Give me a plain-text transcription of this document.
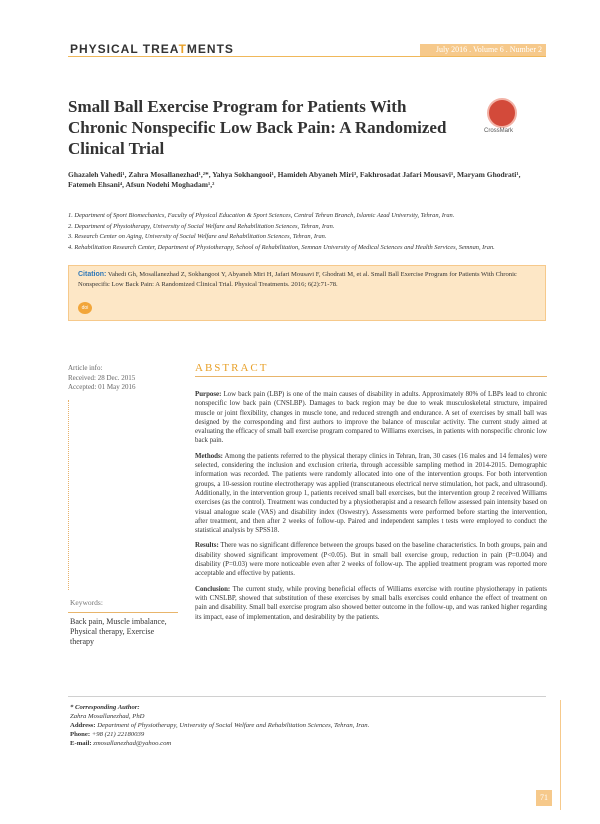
PHYSICAL TREATMENTS	July 2016 . Volume 6 . Number 2
Small Ball Exercise Program for Patients With Chronic Nonspecific Low Back Pain: A Randomized Clinical Trial
CrossMark
Ghazaleh Vahedi¹, Zahra Mosallanezhad¹,²*, Yahya Sokhangooi¹, Hamideh Abyaneh Miri³, Fakhrosadat Jafari Mousavi¹, Maryam Ghodrati¹, Fatemeh Ehsani⁴, Afsun Nodehi Moghadam¹,²
1. Department of Sport Biomechanics, Faculty of Physical Education & Sport Sciences, Central Tehran Branch, Islamic Azad University, Tehran, Iran.
2. Department of Physiotherapy, University of Social Welfare and Rehabilitation Sciences, Tehran, Iran.
3. Research Center on Aging, University of Social Welfare and Rehabilitation Sciences, Tehran, Iran.
4. Rehabilitation Research Center, Department of Physiotherapy, School of Rehabilitation, Semnan University of Medical Sciences and Health Services, Semnan, Iran.
Citation: Vahedi Gh, Mosallanezhad Z, Sokhangooi Y, Abyaneh Miri H, Jafari Mousavi F, Ghodrati M, et al. Small Ball Exercise Program for Patients With Chronic Nonspecific Low Back Pain: A Randomized Clinical Trial. Physical Treatments. 2016; 6(2):71-78.
doi
Article info:
Received: 28 Dec. 2015
Accepted: 01 May 2016
Keywords:
Back pain, Muscle imbalance, Physical therapy, Exercise therapy
ABSTRACT

Purpose: Low back pain (LBP) is one of the main causes of disability in adults. Approximately 80% of LBPs lead to chronic nonspecific low back pain (CNSLBP). Damages to back region may be due to weak musculoskeletal structure, impaired muscle or joint flexibility, changes in muscle tone, and reduced strength and endurance. A set of exercises by small ball was designed by the corresponding and first authors to improve the balance of muscular activity. The current study aimed at evaluating the efficacy of small ball exercise program compared to Williams exercises, in patients with nonspecific chronic low back pain.

Methods: Among the patients referred to the physical therapy clinics in Tehran, Iran, 30 cases (16 males and 14 females) were selected, considering the inclusion and exclusion criteria, through accessible sampling method in 2014-2015. Demographic information was recorded. The patients were randomly allocated into one of the intervention groups. For both intervention groups, a 10-session routine electrotherapy was applied (transcutaneous electrical nerve stimulation, hot pack, and ultrasound). Additionally, in the intervention group 1, patients received small ball exercises, but the intervention group 2 received Williams exercises (as the control). Treatment was conducted by a physiotherapist and a research fellow assessed pain intensity based on visual analogue scale (VAS) and disability index (Oswestry). Assessments were performed before starting the intervention, after treatment, and then after 2 weeks of follow-up. Paired and independent samples t tests were employed to conduct the statistical analysis by SPSS18.

Results: There was no significant difference between the groups based on the baseline characteristics. In both groups, pain and disability showed significant improvement (P<0.05). But in small ball exercise group, reduction in pain (P=0.004) and disability (P=0.03) were more noticeable even after 2 weeks of follow-up. The applied treatment program was reported more acceptable and effective by patients.

Conclusion: The current study, while proving beneficial effects of Williams exercise with routine physiotherapy in patients with CNSLBP, showed that substitution of these exercises by small balls exercises could enhance the effect of treatment on pain and disability. Small ball exercise program also showed better outcome in the follow-up, and was ranked higher regarding its impact, ease of implementation, and desirability by the patients.

* Corresponding Author:
Zahra Mosallanezhad, PhD
Address: Department of Physiotherapy, University of Social Welfare and Rehabilitation Sciences, Tehran, Iran.
Phone: +98 (21) 22180039
E-mail: zmosallanezhad@yahoo.com
71
